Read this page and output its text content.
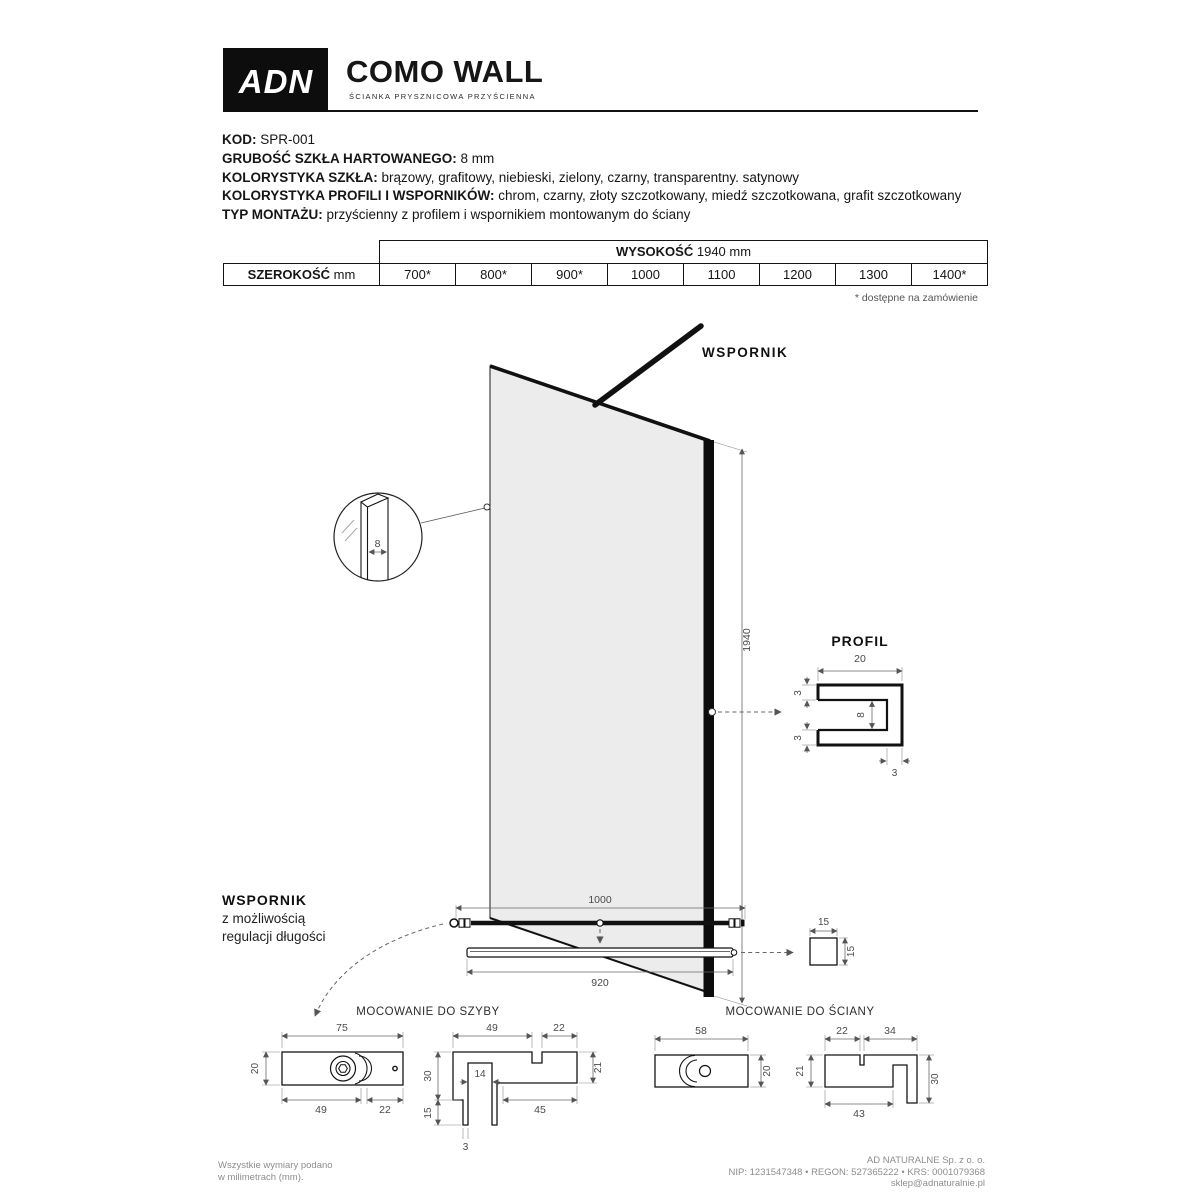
ADN COMO WALL
ŚCIANKA PRYSZNICOWA PRZYŚCIENNA
KOD: SPR-001
GRUBOŚĆ SZKŁA HARTOWANEGO: 8 mm
KOLORYSTYKA SZKŁA: brązowy, grafitowy, niebieski, zielony, czarny, transparentny. satynowy
KOLORYSTYKA PROFILI I WSPORNIKÓW: chrom, czarny, złoty szczotkowany, miedź szczotkowana, grafit szczotkowany
TYP MONTAŻU: przyścienny z profilem i wspornikiem montowanym do ściany
	WYSOKOŚĆ 1940 mm							
SZEROKOŚĆ mm	700*	800*	900*	1000	1100	1200	1300	1400*
* dostępne na zamówienie
WSPORNIK
8
1940	PROFIL
20
3
3
8
3
WSPORNIK
z możliwością
regulacji długości
1000
920
15
15
MOCOWANIE DO SZYBY
75
20
49	22
49	22
30
15
14
21
45
3
MOCOWANIE DO ŚCIANY
58
20
22	34
21
30
43
Wszystkie wymiary podano
w milimetrach (mm).
AD NATURALNE Sp. z o. o.
NIP: 1231547348 • REGON: 527365222 • KRS: 0001079368
sklep@adnaturalnie.pl
